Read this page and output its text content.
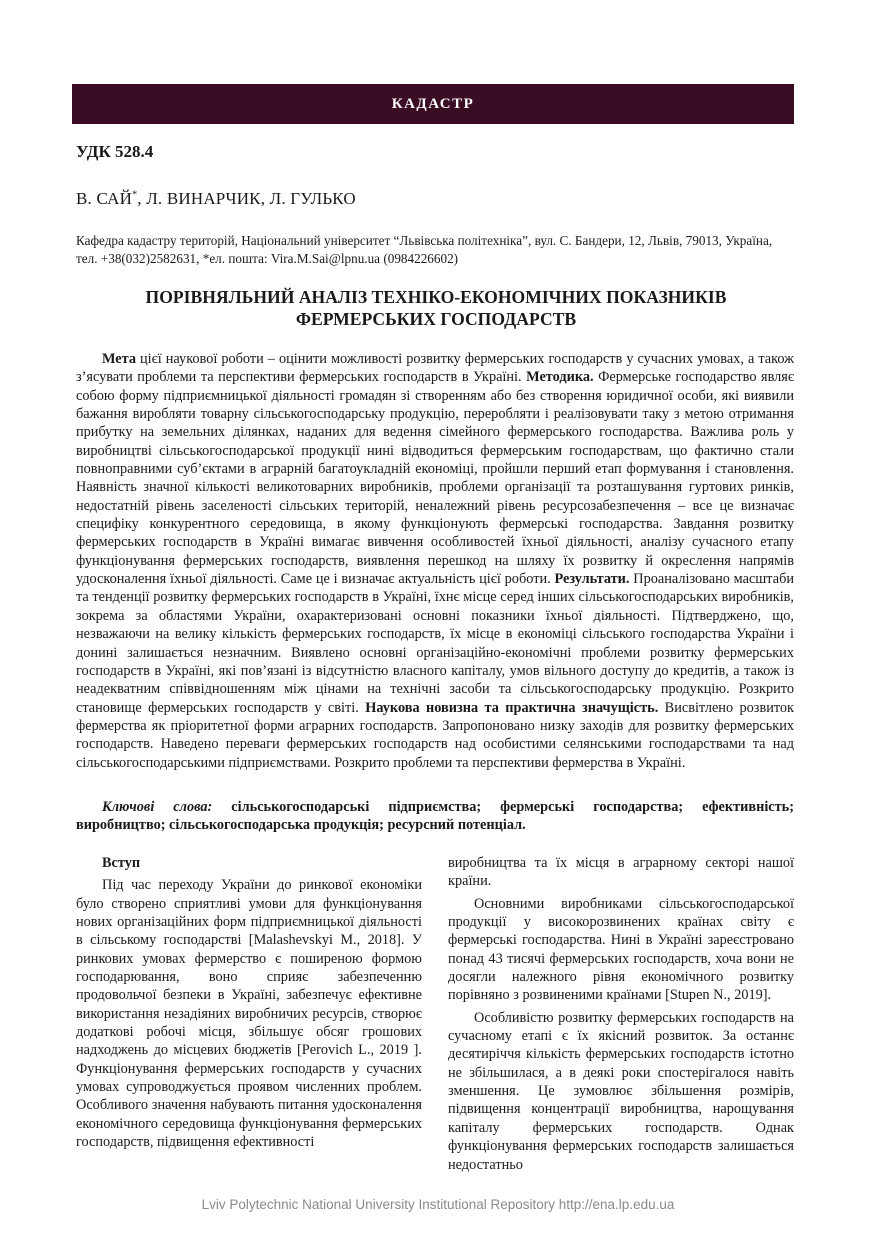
КАДАСТР
УДК 528.4
В. САЙ*, Л. ВИНАРЧИК, Л. ГУЛЬКО
Кафедра кадастру територій, Національний університет “Львівська політехніка”, вул. С. Бандери, 12, Львів, 79013, Україна,
тел. +38(032)2582631, *ел. пошта: Vira.M.Sai@lpnu.ua (0984226602)
ПОРІВНЯЛЬНИЙ АНАЛІЗ ТЕХНІКО-ЕКОНОМІЧНИХ ПОКАЗНИКІВ
ФЕРМЕРСЬКИХ ГОСПОДАРСТВ

Мета цієї наукової роботи – оцінити можливості розвитку фермерських господарств у сучасних умовах, а також з’ясувати проблеми та перспективи фермерських господарств в Україні. Методика. Фермерське господарство являє собою форму підприємницької діяльності громадян зі створенням або без створення юридичної особи, які виявили бажання виробляти товарну сільськогосподарську продукцію, переробляти і реалізовувати таку з метою отримання прибутку на земельних ділянках, наданих для ведення сімейного фермерського господарства. Важлива роль у виробництві сільськогосподарської продукції нині відводиться фермерським господарствам, що фактично стали повноправними суб’єктами в аграрній багатоукладній економіці, пройшли перший етап формування і становлення. Наявність значної кількості великотоварних виробників, проблеми організації та розташування гуртових ринків, недостатній рівень заселеності сільських територій, неналежний рівень ресурсозабезпечення – все це визначає специфіку конкурентного середовища, в якому функціонують фермерські господарства. Завдання розвитку фермерських господарств в Україні вимагає вивчення особливостей їхньої діяльності, аналізу сучасного етапу функціонування фермерських господарств, виявлення перешкод на шляху їх розвитку й окреслення напрямів удосконалення їхньої діяльності. Саме це і визначає актуальність цієї роботи. Результати. Проаналізовано масштаби та тенденції розвитку фермерських господарств в Україні, їхнє місце серед інших сільськогосподарських виробників, зокрема за областями України, охарактеризовані основні показники їхньої діяльності. Підтверджено, що, незважаючи на велику кількість фермерських господарств, їх місце в економіці сільського господарства України і донині залишається незначним. Виявлено основні організаційно-економічні проблеми розвитку фермерських господарств в Україні, які пов’язані із відсутністю власного капіталу, умов вільного доступу до кредитів, а також із неадекватним співвідношенням між цінами на технічні засоби та сільськогосподарську продукцію. Розкрито становище фермерських господарств у світі. Наукова новизна та практична значущість. Висвітлено розвиток фермерства як пріоритетної форми аграрних господарств. Запропоновано низку заходів для розвитку фермерських господарств. Наведено переваги фермерських господарств над особистими селянськими господарствами та над сільськогосподарськими підприємствами. Розкрито проблеми та перспективи фермерства в Україні.

Ключові слова: сільськогосподарські підприємства; фермерські господарства; ефективність; виробництво; сільськогосподарська продукція; ресурсний потенціал.

Вступ

Під час переходу України до ринкової економіки було створено сприятливі умови для функціонування нових організаційних форм підприємницької діяльності в сільському господарстві [Malashevskyi M., 2018]. У ринкових умовах фермерство є поширеною формою господарювання, воно сприяє забезпеченню продовольчої безпеки в Україні, забезпечує ефективне використання незадіяних виробничих ресурсів, створює додаткові робочі місця, збільшує обсяг грошових надходжень до місцевих бюджетів [Perovich L., 2019 ]. Функціонування фермерських господарств у сучасних умовах супроводжується проявом численних проблем. Особливого значення набувають питання удосконалення економічного середовища функціонування фермерських господарств, підвищення ефективності

виробництва та їх місця в аграрному секторі нашої країни.

Основними виробниками сільськогосподарської продукції у високорозвинених країнах світу є фермерські господарства. Нині в Україні зареєстровано понад 43 тисячі фермерських господарств, хоча вони не досягли належного рівня економічного розвитку порівняно з розвиненими країнами [Stupen N., 2019].

Особливістю розвитку фермерських господарств на сучасному етапі є їх якісний розвиток. За останнє десятиріччя кількість фермерських господарств істотно не збільшилася, а в деякі роки спостерігалося навіть зменшення. Це зумовлює збільшення розмірів, підвищення концентрації виробництва, нарощування капіталу фермерських господарств. Однак функціонування фермерських господарств залишається недостатньо

Lviv Polytechnic National University Institutional Repository http://ena.lp.edu.ua
